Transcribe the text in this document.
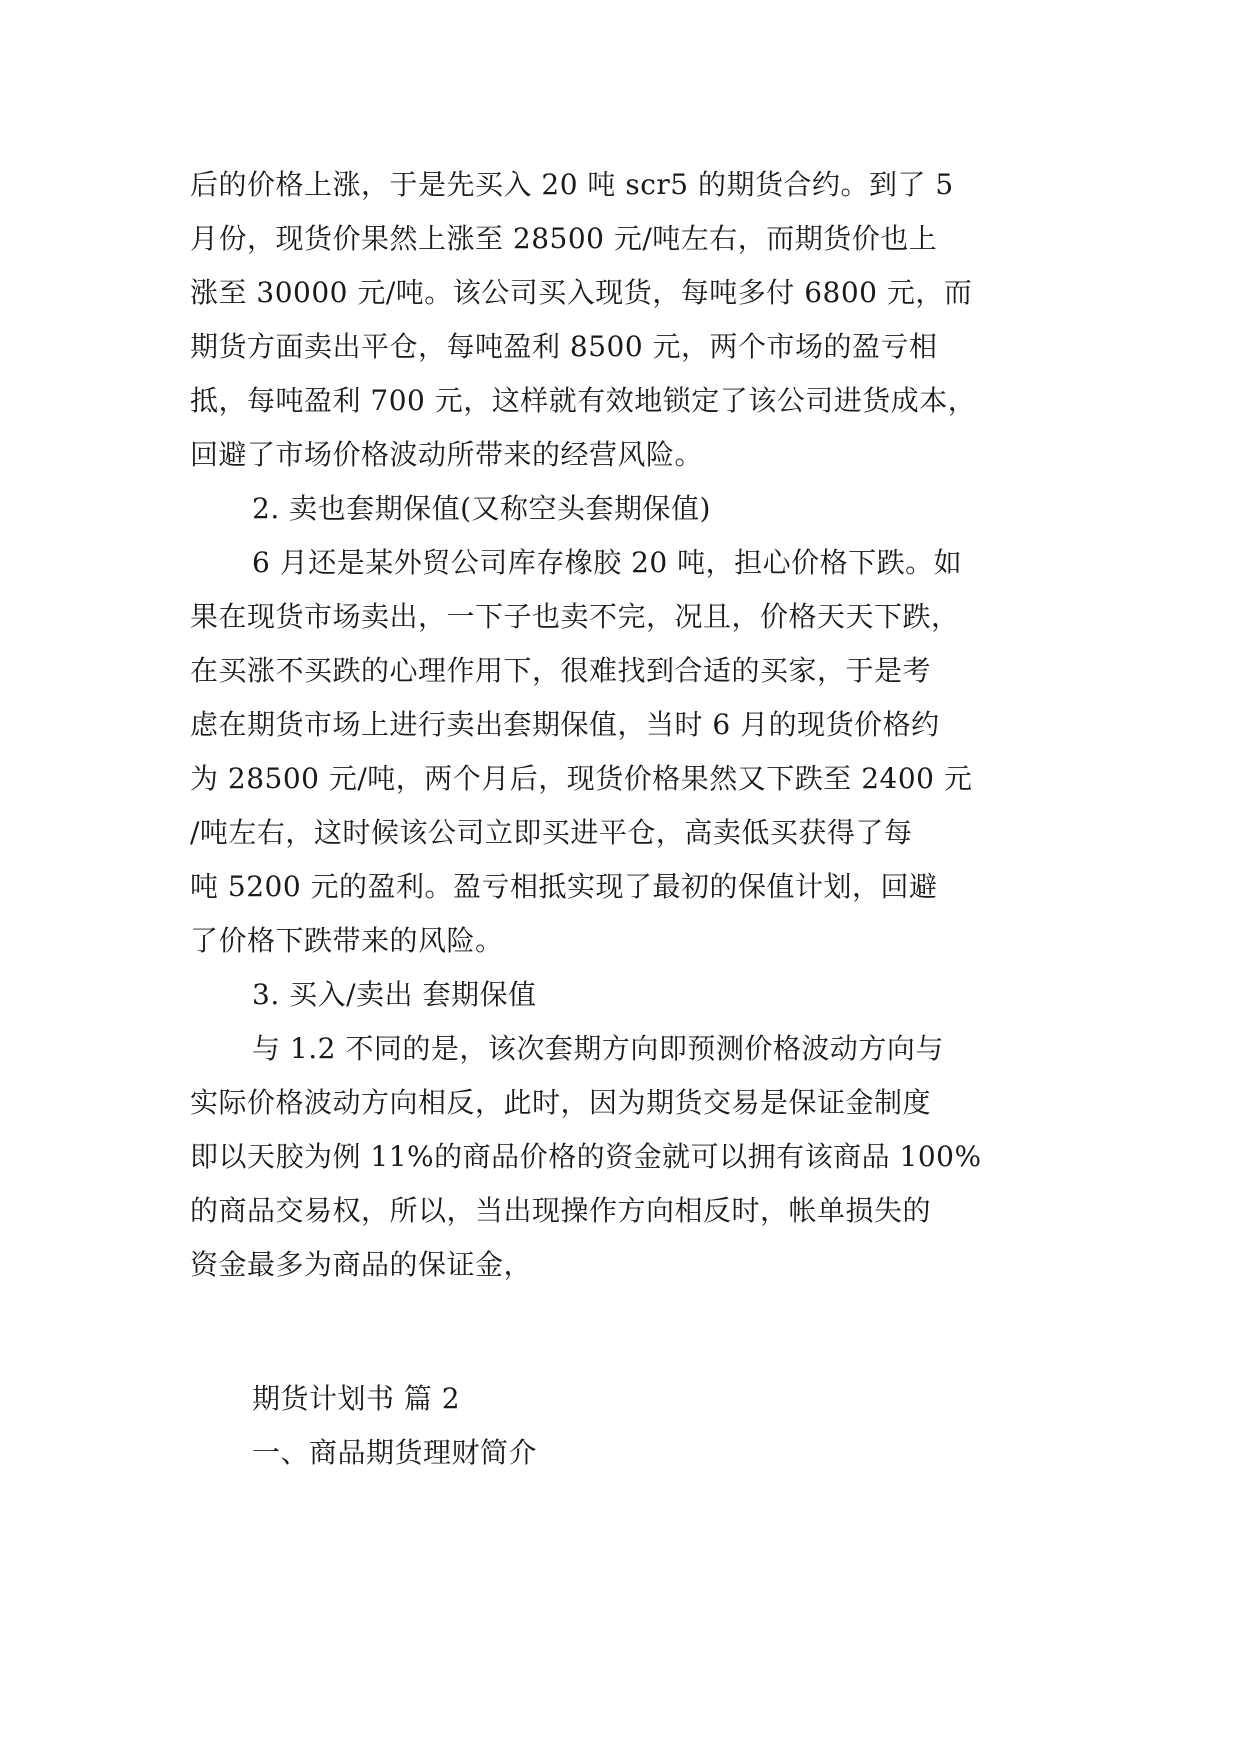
后的价格上涨，于是先买入 20 吨 scr5 的期货合约。到了 5
月份，现货价果然上涨至 28500 元/吨左右，而期货价也上
涨至 30000 元/吨。该公司买入现货，每吨多付 6800 元，而
期货方面卖出平仓，每吨盈利 8500 元，两个市场的盈亏相
抵，每吨盈利 700 元，这样就有效地锁定了该公司进货成本，
回避了市场价格波动所带来的经营风险。
2. 卖也套期保值(又称空头套期保值)
6 月还是某外贸公司库存橡胶 20 吨，担心价格下跌。如
果在现货市场卖出，一下子也卖不完，况且，价格天天下跌，
在买涨不买跌的心理作用下，很难找到合适的买家，于是考
虑在期货市场上进行卖出套期保值，当时 6 月的现货价格约
为 28500 元/吨，两个月后，现货价格果然又下跌至 2400 元
/吨左右，这时候该公司立即买进平仓，高卖低买获得了每
吨 5200 元的盈利。盈亏相抵实现了最初的保值计划，回避
了价格下跌带来的风险。
3. 买入/卖出 套期保值
与 1.2 不同的是，该次套期方向即预测价格波动方向与
实际价格波动方向相反，此时，因为期货交易是保证金制度
即以天胶为例 11%的商品价格的资金就可以拥有该商品 100%
的商品交易权，所以，当出现操作方向相反时，帐单损失的
资金最多为商品的保证金，
期货计划书 篇 2
一、商品期货理财简介
